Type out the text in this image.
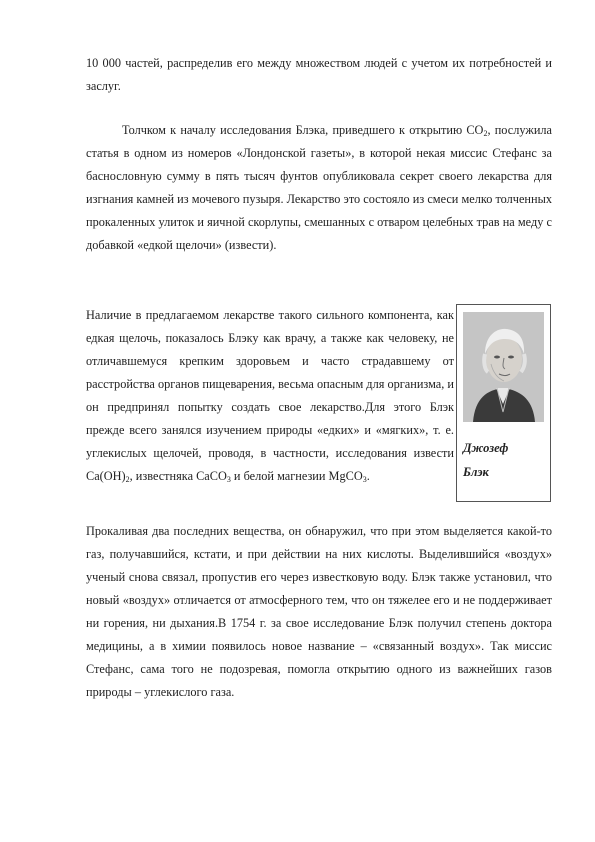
10 000 частей, распределив его между множеством людей с учетом их потребностей и заслуг.

Толчком к началу исследования Блэка, приведшего к открытию $CO_2$, послужила статья в одном из номеров «Лондонской газеты», в которой некая миссис Стефанс за баснословную сумму в пять тысяч фунтов опубликовала секрет своего лекарства для изгнания камней из мочевого пузыря. Лекарство это состояло из смеси мелко толченных прокаленных улиток и яичной скорлупы, смешанных с отваром целебных трав на меду с добавкой «едкой щелочи» (извести).

Наличие в предлагаемом лекарстве такого сильного компонента, как едкая щелочь, показалось Блэку как врачу, а также как человеку, не отличавшемуся крепким здоровьем и часто страдавшему от расстройства органов пищеварения, весьма опасным для организма, и он предпринял попытку создать свое лекарство.Для этого Блэк прежде всего занялся изучением природы «едких» и «мягких», т. е. углекислых щелочей, проводя, в частности, исследования извести $Ca(OH)_2$, известняка CaCO$_3$ и белой магнезии MgCO$_3$.

Джозеф
Блэк

Прокаливая два последних вещества, он обнаружил, что при этом выделяется какой-то газ, получавшийся, кстати, и при действии на них кислоты. Выделившийся «воздух» ученый снова связал, пропустив его через известковую воду. Блэк также установил, что новый «воздух» отличается от атмосферного тем, что он тяжелее его и не поддерживает ни горения, ни дыхания.В 1754 г. за свое исследование Блэк получил степень доктора медицины, а в химии появилось новое название – «связанный воздух». Так миссис Стефанс, сама того не подозревая, помогла открытию одного из важнейших газов природы – углекислого газа.
